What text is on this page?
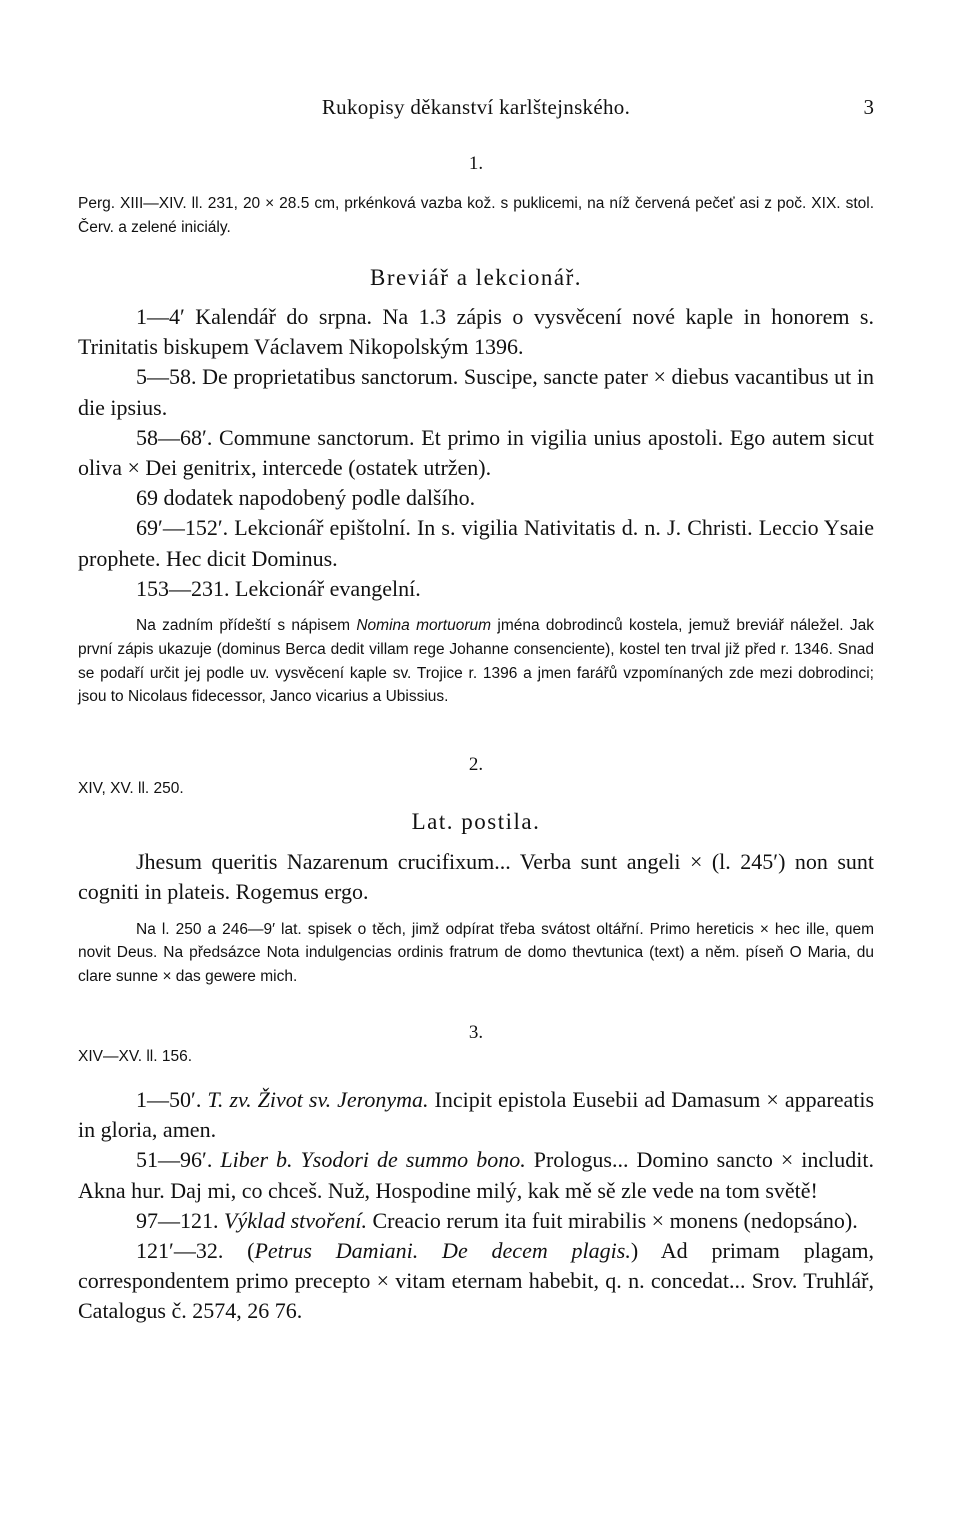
Rukopisy děkanství karlštejnského.	3
1.
Perg. XIII—XIV. ll. 231, 20 × 28.5 cm, prkénková vazba kož. s puklicemi, na níž červená pečeť asi z poč. XIX. stol. Červ. a zelené iniciály.
Breviář a lekcionář.

1—4′ Kalendář do srpna. Na 1.3 zápis o vysvěcení nové kaple in honorem s. Trinitatis biskupem Václavem Nikopolským 1396.

5—58. De proprietatibus sanctorum. Suscipe, sancte pater × diebus vacantibus ut in die ipsius.

58—68′. Commune sanctorum. Et primo in vigilia unius apostoli. Ego autem sicut oliva × Dei genitrix, intercede (ostatek utržen).

69 dodatek napodobený podle dalšího.

69′—152′. Lekcionář epištolní. In s. vigilia Nativitatis d. n. J. Christi. Leccio Ysaie prophete. Hec dicit Dominus.

153—231. Lekcionář evangelní.

Na zadním přídeští s nápisem Nomina mortuorum jména dobrodinců kostela, jemuž breviář náležel. Jak první zápis ukazuje (dominus Berca dedit villam rege Johanne consenciente), kostel ten trval již před r. 1346. Snad se podaří určit jej podle uv. vysvěcení kaple sv. Trojice r. 1396 a jmen farářů vzpomínaných zde mezi dobrodinci; jsou to Nicolaus fidecessor, Janco vicarius a Ubissius.

2.
XIV, XV. ll. 250.
Lat. postila.

Jhesum queritis Nazarenum crucifixum... Verba sunt angeli × (l. 245′) non sunt cogniti in plateis. Rogemus ergo.

Na l. 250 a 246—9′ lat. spisek o těch, jimž odpírat třeba svátost oltářní. Primo hereticis × hec ille, quem novit Deus. Na předsázce Nota indulgencias ordinis fratrum de domo thevtunica (text) a něm. píseň O Maria, du clare sunne × das gewere mich.

3.
XIV—XV. ll. 156.

1—50′. T. zv. Život sv. Jeronyma. Incipit epistola Eusebii ad Damasum × appareatis in gloria, amen.

51—96′. Liber b. Ysodori de summo bono. Prologus... Domino sancto × includit. Akna hur. Daj mi, co chceš. Nuž, Hospodine milý, kak mě sě zle vede na tom světě!

97—121. Výklad stvoření. Creacio rerum ita fuit mirabilis × monens (nedopsáno).

121′—32. (Petrus Damiani. De decem plagis.) Ad primam plagam, correspondentem primo precepto × vitam eternam habebit, q. n. concedat... Srov. Truhlář, Catalogus č. 2574, 26 76.
